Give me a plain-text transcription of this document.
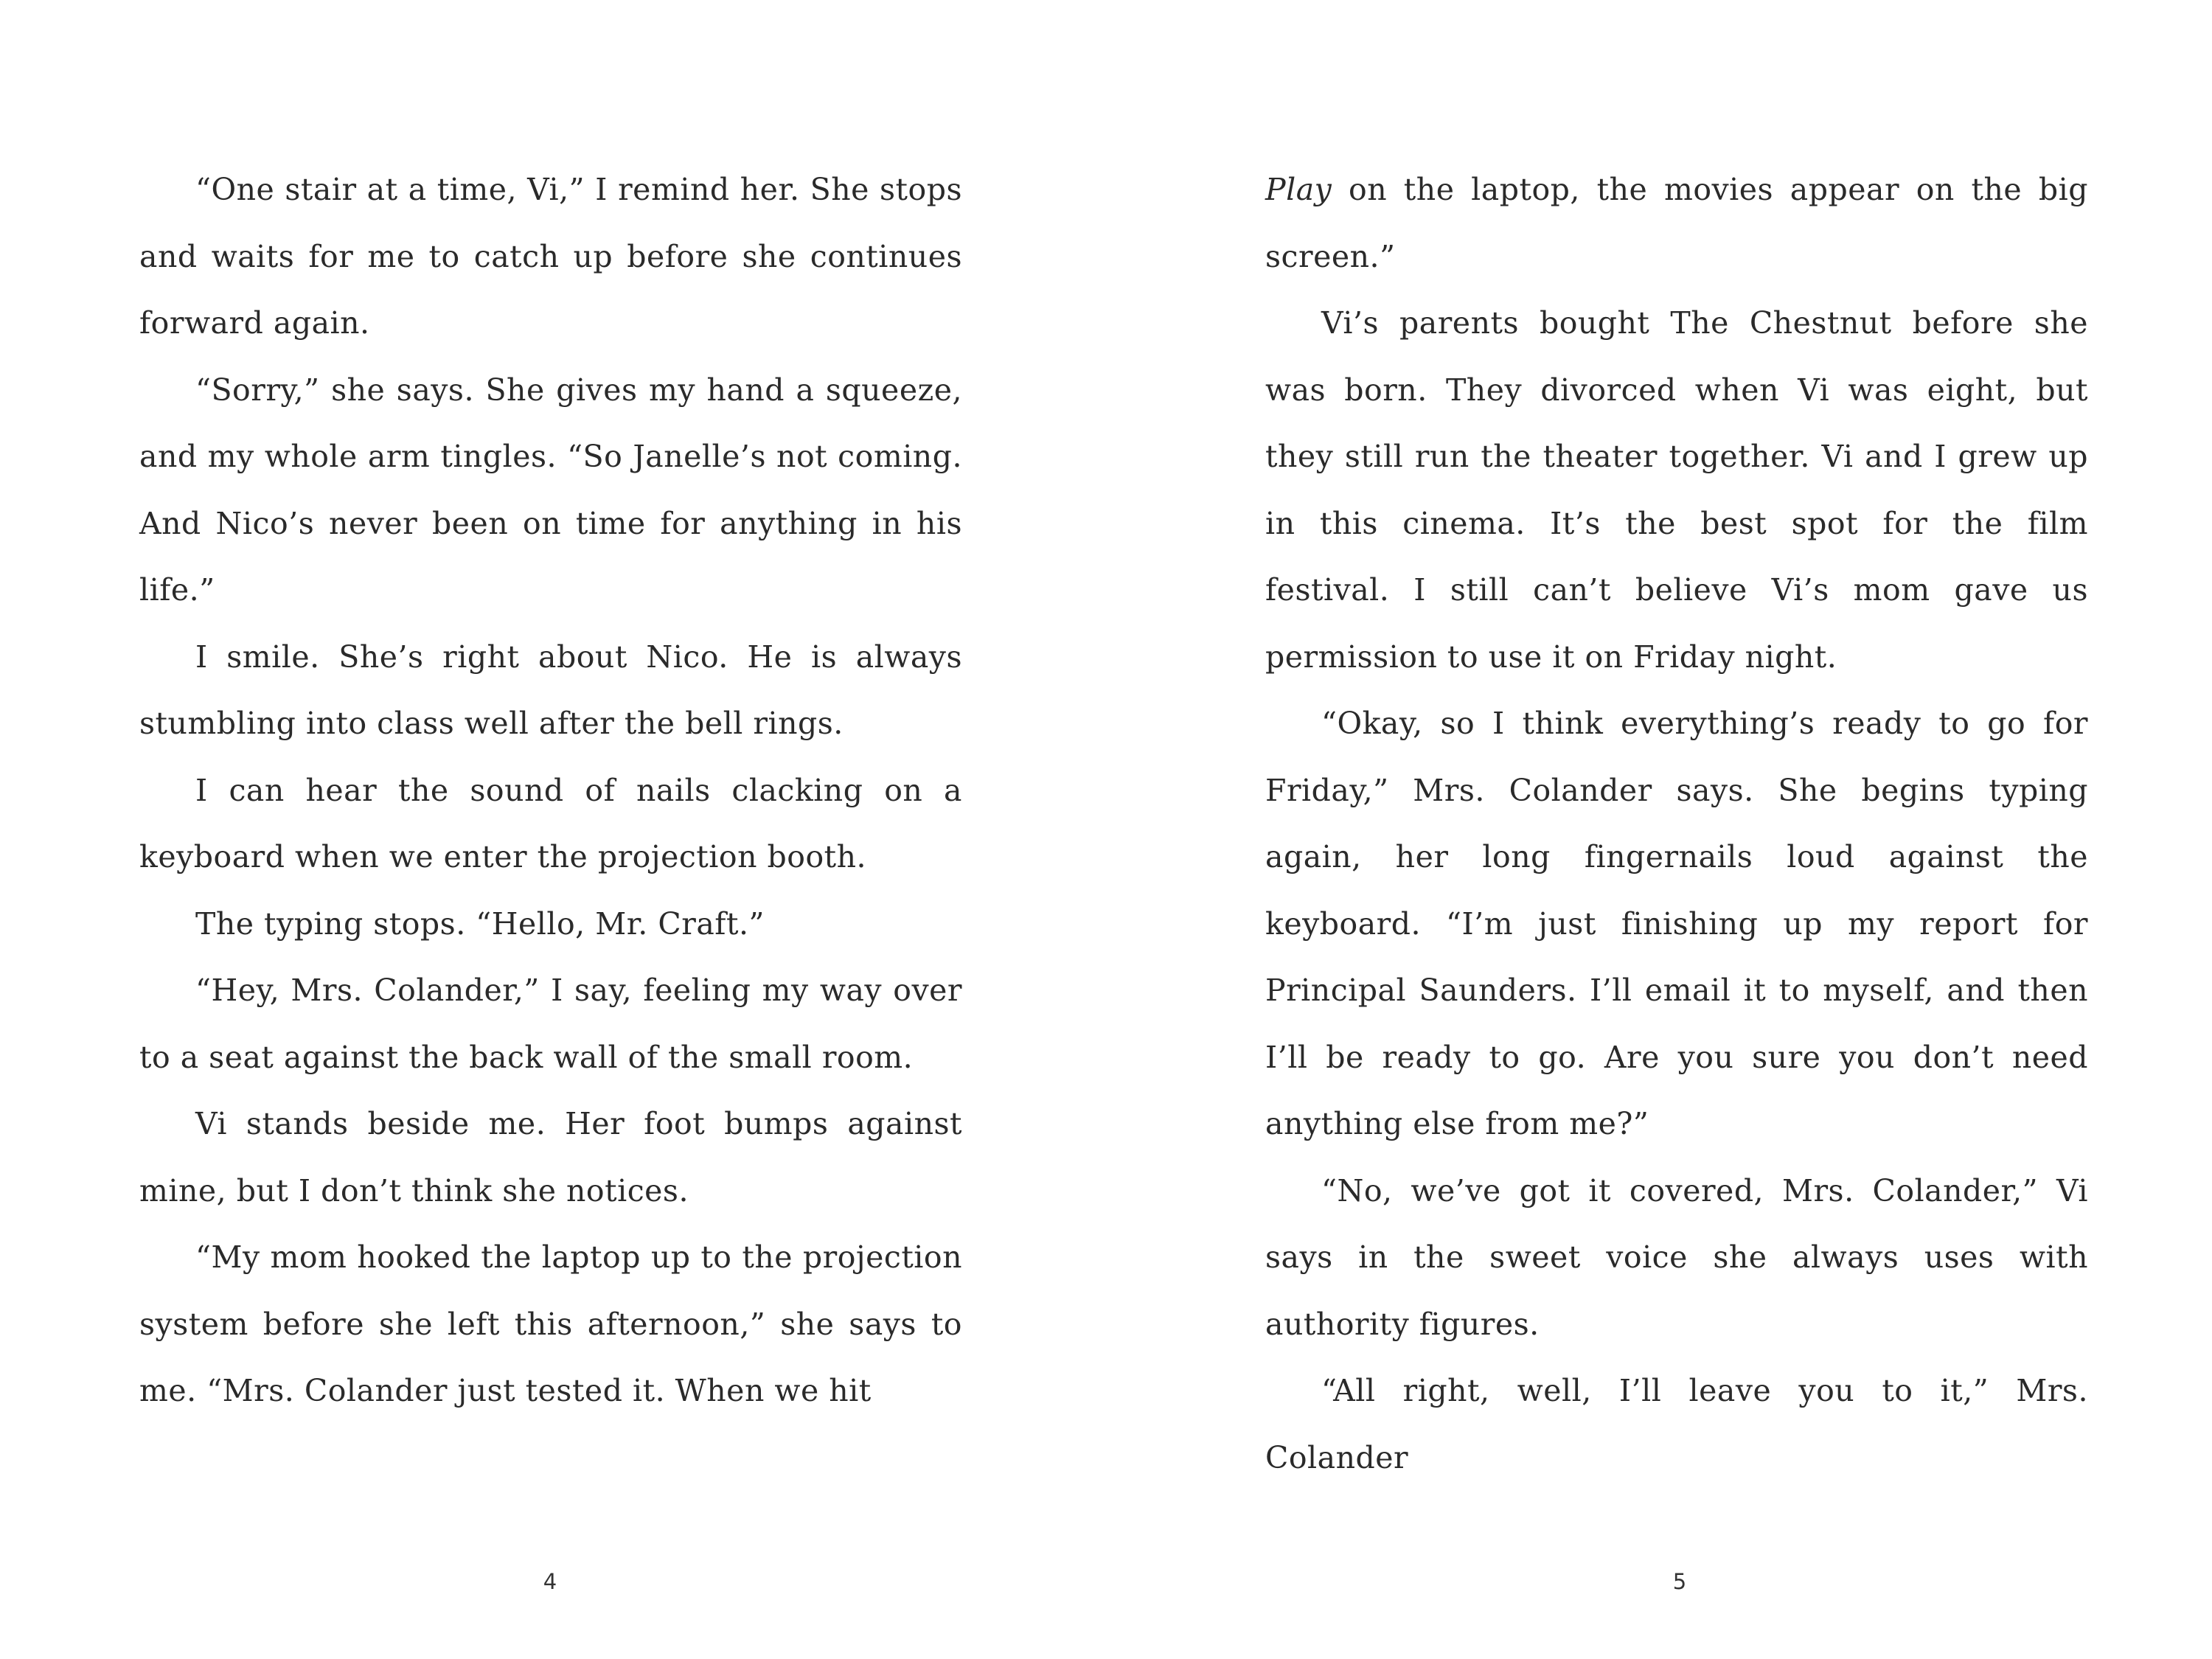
“One stair at a time, Vi,” I remind her. She stops and waits for me to catch up before she continues forward again.

“Sorry,” she says. She gives my hand a squeeze, and my whole arm tingles. “So Janelle’s not coming. And Nico’s never been on time for anything in his life.”

I smile. She’s right about Nico. He is always stumbling into class well after the bell rings.

I can hear the sound of nails clacking on a keyboard when we enter the projection booth.

The typing stops. “Hello, Mr. Craft.”

“Hey, Mrs. Colander,” I say, feeling my way over to a seat against the back wall of the small room.

Vi stands beside me. Her foot bumps against mine, but I don’t think she notices.

“My mom hooked the laptop up to the projection system before she left this afternoon,” she says to me. “Mrs. Colander just tested it. When we hit

4

Play on the laptop, the movies appear on the big screen.”

Vi’s parents bought The Chestnut before she was born. They divorced when Vi was eight, but they still run the theater together. Vi and I grew up in this cinema. It’s the best spot for the film festival. I still can’t believe Vi’s mom gave us permission to use it on Friday night.

“Okay, so I think everything’s ready to go for Friday,” Mrs. Colander says. She begins typing again, her long fingernails loud against the keyboard. “I’m just finishing up my report for Principal Saunders. I’ll email it to myself, and then I’ll be ready to go. Are you sure you don’t need anything else from me?”

“No, we’ve got it covered, Mrs. Colander,” Vi says in the sweet voice she always uses with authority figures.

“All right, well, I’ll leave you to it,” Mrs. Colander

5
